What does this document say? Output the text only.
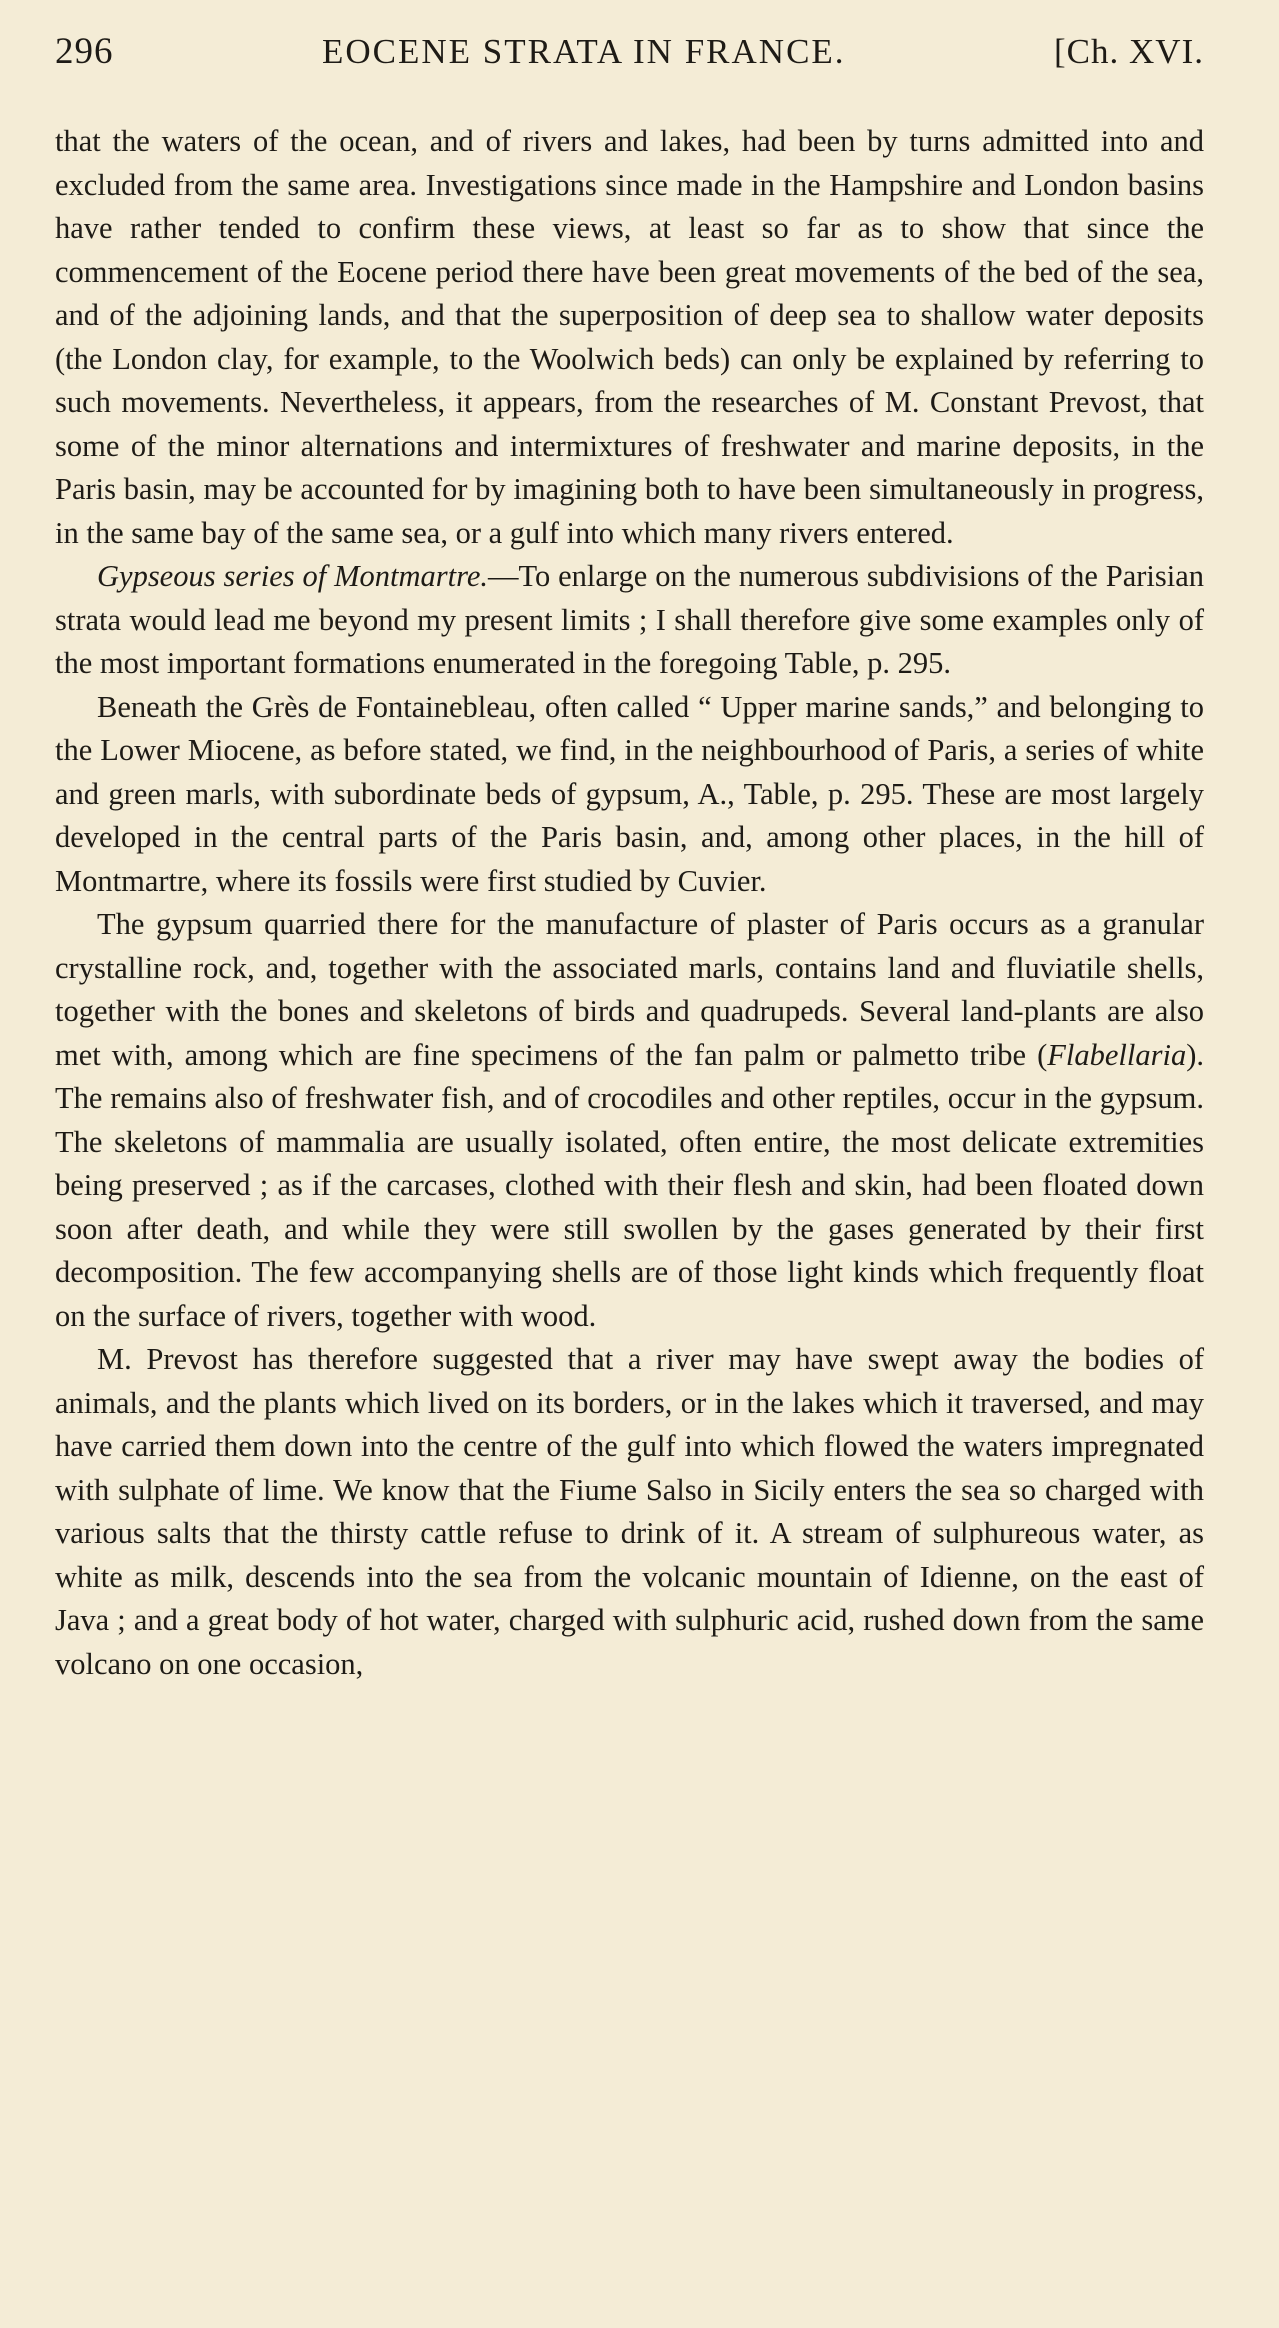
296	EOCENE STRATA IN FRANCE.	[Ch. XVI.

that the waters of the ocean, and of rivers and lakes, had been by turns admitted into and excluded from the same area. Investigations since made in the Hampshire and London basins have rather tended to confirm these views, at least so far as to show that since the commencement of the Eocene period there have been great movements of the bed of the sea, and of the adjoining lands, and that the superposition of deep sea to shallow water deposits (the London clay, for example, to the Woolwich beds) can only be explained by referring to such movements. Nevertheless, it appears, from the researches of M. Constant Prevost, that some of the minor alternations and intermixtures of freshwater and marine deposits, in the Paris basin, may be accounted for by imagining both to have been simultaneously in progress, in the same bay of the same sea, or a gulf into which many rivers entered.

Gypseous series of Montmartre.—To enlarge on the numerous subdivisions of the Parisian strata would lead me beyond my present limits ; I shall therefore give some examples only of the most important formations enumerated in the foregoing Table, p. 295.

Beneath the Grès de Fontainebleau, often called “ Upper marine sands,” and belonging to the Lower Miocene, as before stated, we find, in the neighbourhood of Paris, a series of white and green marls, with subordinate beds of gypsum, A., Table, p. 295. These are most largely developed in the central parts of the Paris basin, and, among other places, in the hill of Montmartre, where its fossils were first studied by Cuvier.

The gypsum quarried there for the manufacture of plaster of Paris occurs as a granular crystalline rock, and, together with the associated marls, contains land and fluviatile shells, together with the bones and skeletons of birds and quadrupeds. Several land-plants are also met with, among which are fine specimens of the fan palm or palmetto tribe (Flabellaria). The remains also of freshwater fish, and of crocodiles and other reptiles, occur in the gypsum. The skeletons of mammalia are usually isolated, often entire, the most delicate extremities being preserved ; as if the carcases, clothed with their flesh and skin, had been floated down soon after death, and while they were still swollen by the gases generated by their first decomposition. The few accompanying shells are of those light kinds which frequently float on the surface of rivers, together with wood.

M. Prevost has therefore suggested that a river may have swept away the bodies of animals, and the plants which lived on its borders, or in the lakes which it traversed, and may have carried them down into the centre of the gulf into which flowed the waters impregnated with sulphate of lime. We know that the Fiume Salso in Sicily enters the sea so charged with various salts that the thirsty cattle refuse to drink of it. A stream of sulphureous water, as white as milk, descends into the sea from the volcanic mountain of Idienne, on the east of Java ; and a great body of hot water, charged with sulphuric acid, rushed down from the same volcano on one occasion,
